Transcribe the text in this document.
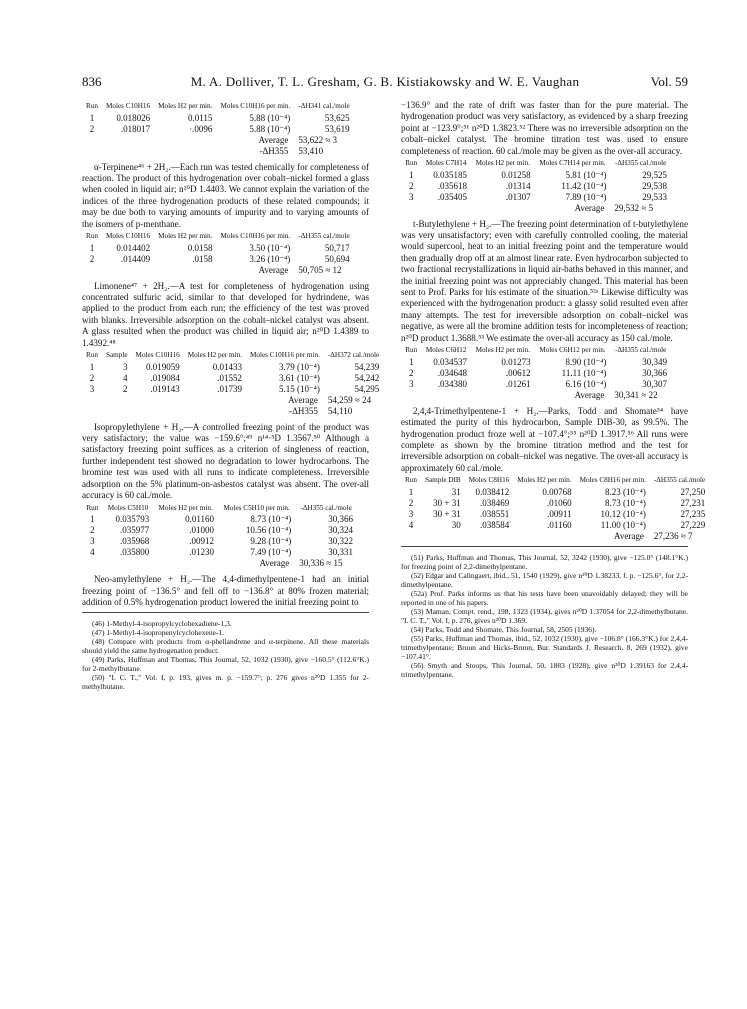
836	M. A. Dolliver, T. L. Gresham, G. B. Kistiakowsky and W. E. Vaughan	Vol. 59
Run	Moles C10H16	Moles H2 per min.	Moles C10H16 per min.	-ΔH341 cal./mole
1	0.018026	0.0115	5.88 (10⁻⁴)	53,625
2	.018017	·.0096	5.88 (10⁻⁴)	53,619
Average				53,622 ≈ 3
-ΔH355				53,410

α-Terpinene⁴⁶ + 2H₂.—Each run was tested chemically for completeness of reaction. The product of this hydrogenation over cobalt–nickel formed a glass when cooled in liquid air; n²⁰D 1.4403. We cannot explain the variation of the indices of the three hydrogenation products of these related compounds; it may be due both to varying amounts of impurity and to varying amounts of the isomers of p-menthane.

Run	Moles C10H16	Moles H2 per min.	Moles C10H16 per min.	-ΔH355 cal./mole
1	0.014402	0.0158	3.50 (10⁻⁴)	50,717
2	.014409	.0158	3.26 (10⁻⁴)	50,694
Average				50,705 ≈ 12

Limonene⁴⁷ + 2H₂.—A test for completeness of hydrogenation using concentrated sulfuric acid, similar to that developed for hydrindene, was applied to the product from each run; the efficiency of the test was proved with blanks. Irreversible adsorption on the cobalt–nickel catalyst was absent. A glass resulted when the product was chilled in liquid air; n²⁰D 1.4389 to 1.4392.⁴⁸

Run	Sample	Moles C10H16	Moles H2 per min.	Moles C10H16 per min.	-ΔH372 cal./mole
1	3	0.019059	0.01433	3.79 (10⁻⁴)	54,239
2	4	.019084	.01552	3.61 (10⁻⁴)	54,242
3	2	.019143	.01739	5.15 (10⁻⁴)	54,295
Average					54,259 ≈ 24
-ΔH355					54,110

Isopropylethylene + H₂.—A controlled freezing point of the product was very satisfactory; the value was −159.6°;⁴⁹ n¹⁴·⁵D 1.3567.⁵⁰ Although a satisfactory freezing point suffices as a criterion of singleness of reaction, further independent test showed no degradation to lower hydrocarbons. The bromine test was used with all runs to indicate completeness. Irreversible adsorption on the 5% platinum-on-asbestos catalyst was absent. The over-all accuracy is 60 cal./mole.

Run	Moles C5H10	Moles H2 per min.	Moles C5H10 per min.	-ΔH355 cal./mole
1	0.035793	0.01160	8.73 (10⁻⁴)	30,366
2	.035977	.01000	10.56 (10⁻⁴)	30,324
3	.035968	.00912	9.28 (10⁻⁴)	30,322
4	.035800	.01230	7.49 (10⁻⁴)	30,331
Average				30,336 ≈ 15

Neo-amylethylene + H₂.—The 4,4-dimethylpentene-1 had an initial freezing point of −136.5° and fell off to −136.8° at 80% frozen material; addition of 0.5% hydrogenation product lowered the initial freezing point to

(46) 1-Methyl-4-isopropylcyclohexadiene-1,3.

(47) 1-Methyl-4-isopropenylcyclohexene-1.

(48) Compare with products from α-phellandrene and α-terpinene. All these materials should yield the same hydrogenation product.

(49) Parks, Huffman and Thomas, This Journal, 52, 1032 (1930), give −160.5° (112.6°K.) for 2-methylbutane.

(50) "I. C. T.," Vol. I, p. 193, gives m. p. −159.7°; p. 276 gives n²⁰D 1.355 for 2-methylbutane.

−136.9° and the rate of drift was faster than for the pure material. The hydrogenation product was very satisfactory, as evidenced by a sharp freezing point at −123.9°;⁵¹ n²⁰D 1.3823.⁵² There was no irreversible adsorption on the cobalt–nickel catalyst. The bromine titration test was used to ensure completeness of reaction. 60 cal./mole may be given as the over-all accuracy.

Run	Moles C7H14	Moles H2 per min.	Moles C7H14 per min.	-ΔH355 cal./mole
1	0.035185	0.01258	5.81 (10⁻⁴)	29,525
2	.035618	.01314	11.42 (10⁻⁴)	29,538
3	.035405	.01307	7.89 (10⁻⁴)	29,533
Average				29,532 ≈ 5

t-Butylethylene + H₂.—The freezing point determination of t-butylethylene was very unsatisfactory; even with carefully controlled cooling, the material would supercool, heat to an initial freezing point and the temperature would then gradually drop off at an almost linear rate. Even hydrocarbon subjected to two fractional recrystallizations in liquid air-baths behaved in this manner, and the initial freezing point was not appreciably changed. This material has been sent to Prof. Parks for his estimate of the situation.⁵²ᵃ Likewise difficulty was experienced with the hydrogenation product: a glassy solid resulted even after many attempts. The test for irreversible adsorption on cobalt–nickel was negative, as were all the bromine addition tests for incompleteness of reaction; n²⁰D product 1.3688.⁵³ We estimate the over-all accuracy as 150 cal./mole.

Run	Moles C6H12	Moles H2 per min.	Moles C6H12 per min.	-ΔH355 cal./mole
1	0.034537	0.01273	8.90 (10⁻⁴)	30,349
2	.034648	.00612	11.11 (10⁻⁴)	30,366
3	.034380	.01261	6.16 (10⁻⁴)	30,307
Average				30,341 ≈ 22

2,4,4-Trimethylpentene-1 + H₂.—Parks, Todd and Shomate⁵⁴ have estimated the purity of this hydrocarbon, Sample DIB-30, as 99.5%. The hydrogenation product froze well at −107.4°;⁵⁵ n²⁰D 1.3917.⁵⁶ All runs were complete as shown by the bromine titration method and the test for irreversible adsorption on cobalt–nickel was negative. The over-all accuracy is approximately 60 cal./mole.

Run	Sample DIB	Moles C8H16	Moles H2 per min.	Moles C8H16 per min.	-ΔH355 cal./mole
1	31	0.038412	0.00768	8.23 (10⁻⁴)	27,250
2	30 + 31	.038469	.01060	8.73 (10⁻⁴)	27,231
3	30 + 31	.038551	.00911	10.12 (10⁻⁴)	27,235
4	30	.038584	.01160	11.00 (10⁻⁴)	27,229
Average					27,236 ≈ 7

(51) Parks, Huffman and Thomas, This Journal, 52, 3242 (1930), give −125.0° (148.1°K.) for freezing point of 2,2-dimethylpentane.

(52) Edgar and Calingaert, ibid., 51, 1540 (1929), give n²⁰D 1.38233, f. p. −125.6°, for 2,2-dimethylpentane.

(52a) Prof. Parks informs us that his tests have been unavoidably delayed; they will be reported in one of his papers.

(53) Maman, Compt. rend., 198, 1323 (1934), gives n²⁰D 1.37054 for 2,2-dimethylbutane. "I. C. T.," Vol. I, p. 276, gives n²⁰D 1.369.

(54) Parks, Todd and Shomate, This Journal, 58, 2505 (1936).

(55) Parks, Huffman and Thomas, ibid., 52, 1032 (1930), give −106.8° (166.3°K.) for 2,4,4-trimethylpentane; Bruun and Hicks-Bruun, Bur. Standards J. Research, 8, 269 (1932), give −107.41°.

(56) Smyth and Stoops, This Journal, 50, 1883 (1928), give n²⁰D 1.39163 for 2,4,4-trimethylpentane.
